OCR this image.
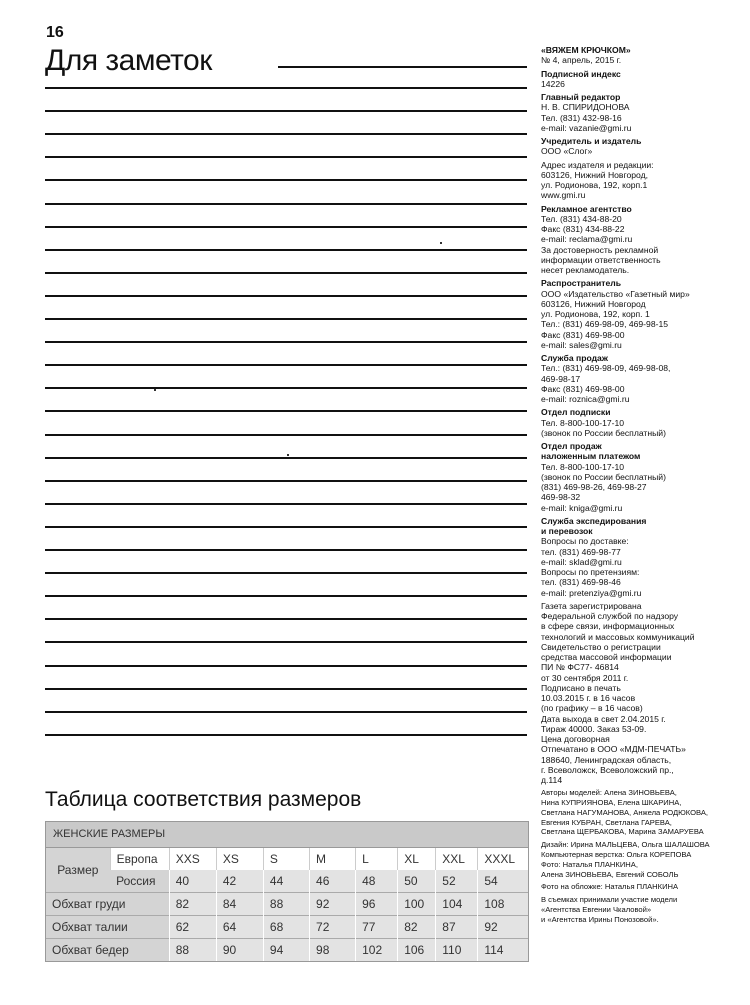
16
Для заметок	«ВЯЖЕМ КРЮЧКОМ»
№ 4, апрель, 2015 г.
Подписной индекс
14226
Главный редактор
Н. В. СПИРИДОНОВА
Тел. (831) 432-98-16
e-mail: vazanie@gmi.ru
Учредитель и издатель
ООО «Слог»
Адрес издателя и редакции:
603126, Нижний Новгород,
ул. Родионова, 192, корп.1
www.gmi.ru
Рекламное агентство
Тел. (831) 434-88-20
Факс (831) 434-88-22
e-mail: reclama@gmi.ru
За достоверность рекламной
информации ответственность
несет рекламодатель.
Распространитель
ООО «Издательство «Газетный мир»
603126, Нижний Новгород
ул. Родионова, 192, корп. 1
Тел.: (831) 469-98-09, 469-98-15
Факс (831) 469-98-00
e-mail: sales@gmi.ru
Служба продаж
Тел.: (831) 469-98-09, 469-98-08,
469-98-17
Факс (831) 469-98-00
e-mail: roznica@gmi.ru
Отдел подписки
Тел. 8-800-100-17-10
(звонок по России бесплатный)
Отдел продаж
наложенным платежом
Тел. 8-800-100-17-10
(звонок по России бесплатный)
(831) 469-98-26, 469-98-27
469-98-32
e-mail: kniga@gmi.ru
Служба экспедирования
и перевозок
Вопросы по доставке:
тел. (831) 469-98-77
e-mail: sklad@gmi.ru
Вопросы по претензиям:
тел. (831) 469-98-46
e-mail: pretenziya@gmi.ru
Газета зарегистрирована
Федеральной службой по надзору
в сфере связи, информационных
технологий и массовых коммуникаций
Свидетельство о регистрации
средства массовой информации
ПИ № ФС77- 46814
от 30 сентября 2011 г.
Подписано в печать
10.03.2015 г. в 16 часов
(по графику – в 16 часов)
Дата выхода в свет 2.04.2015 г.
Тираж 40000. Заказ 53-09.
Цена договорная
Отпечатано в ООО «МДМ-ПЕЧАТЬ»
188640, Ленинградская область,
г. Всеволожск, Всеволожский пр.,
д.114
Авторы моделей: Алена ЗИНОВЬЕВА,
Нина КУПРИЯНОВА, Елена ШКАРИНА,
Светлана НАГУМАНОВА, Анжела РОДЮКОВА,
Евгения КУБРАН, Светлана ГАРЕВА,
Светлана ЩЕРБАКОВА, Марина ЗАМАРУЕВА
Дизайн: Ирина МАЛЬЦЕВА, Ольга ШАЛАШОВА
Компьютерная верстка: Ольга КОРЕПОВА
Фото: Наталья ПЛАНКИНА,
Алена ЗИНОВЬЕВА, Евгений СОБОЛЬ
Фото на обложке: Наталья ПЛАНКИНА
В съемках принимали участие модели
«Агентства Евгении Чкаловой»
и «Агентства Ирины Понозовой».
Таблица соответствия размеров
ЖЕНСКИЕ РАЗМЕРЫ
Размер	Европа	XXS	XS	S	M	L	XL	XXL	XXXL
	Россия	40	42	44	46	48	50	52	54
Обхват груди		82	84	88	92	96	100	104	108
Обхват талии		62	64	68	72	77	82	87	92
Обхват бедер		88	90	94	98	102	106	110	114
